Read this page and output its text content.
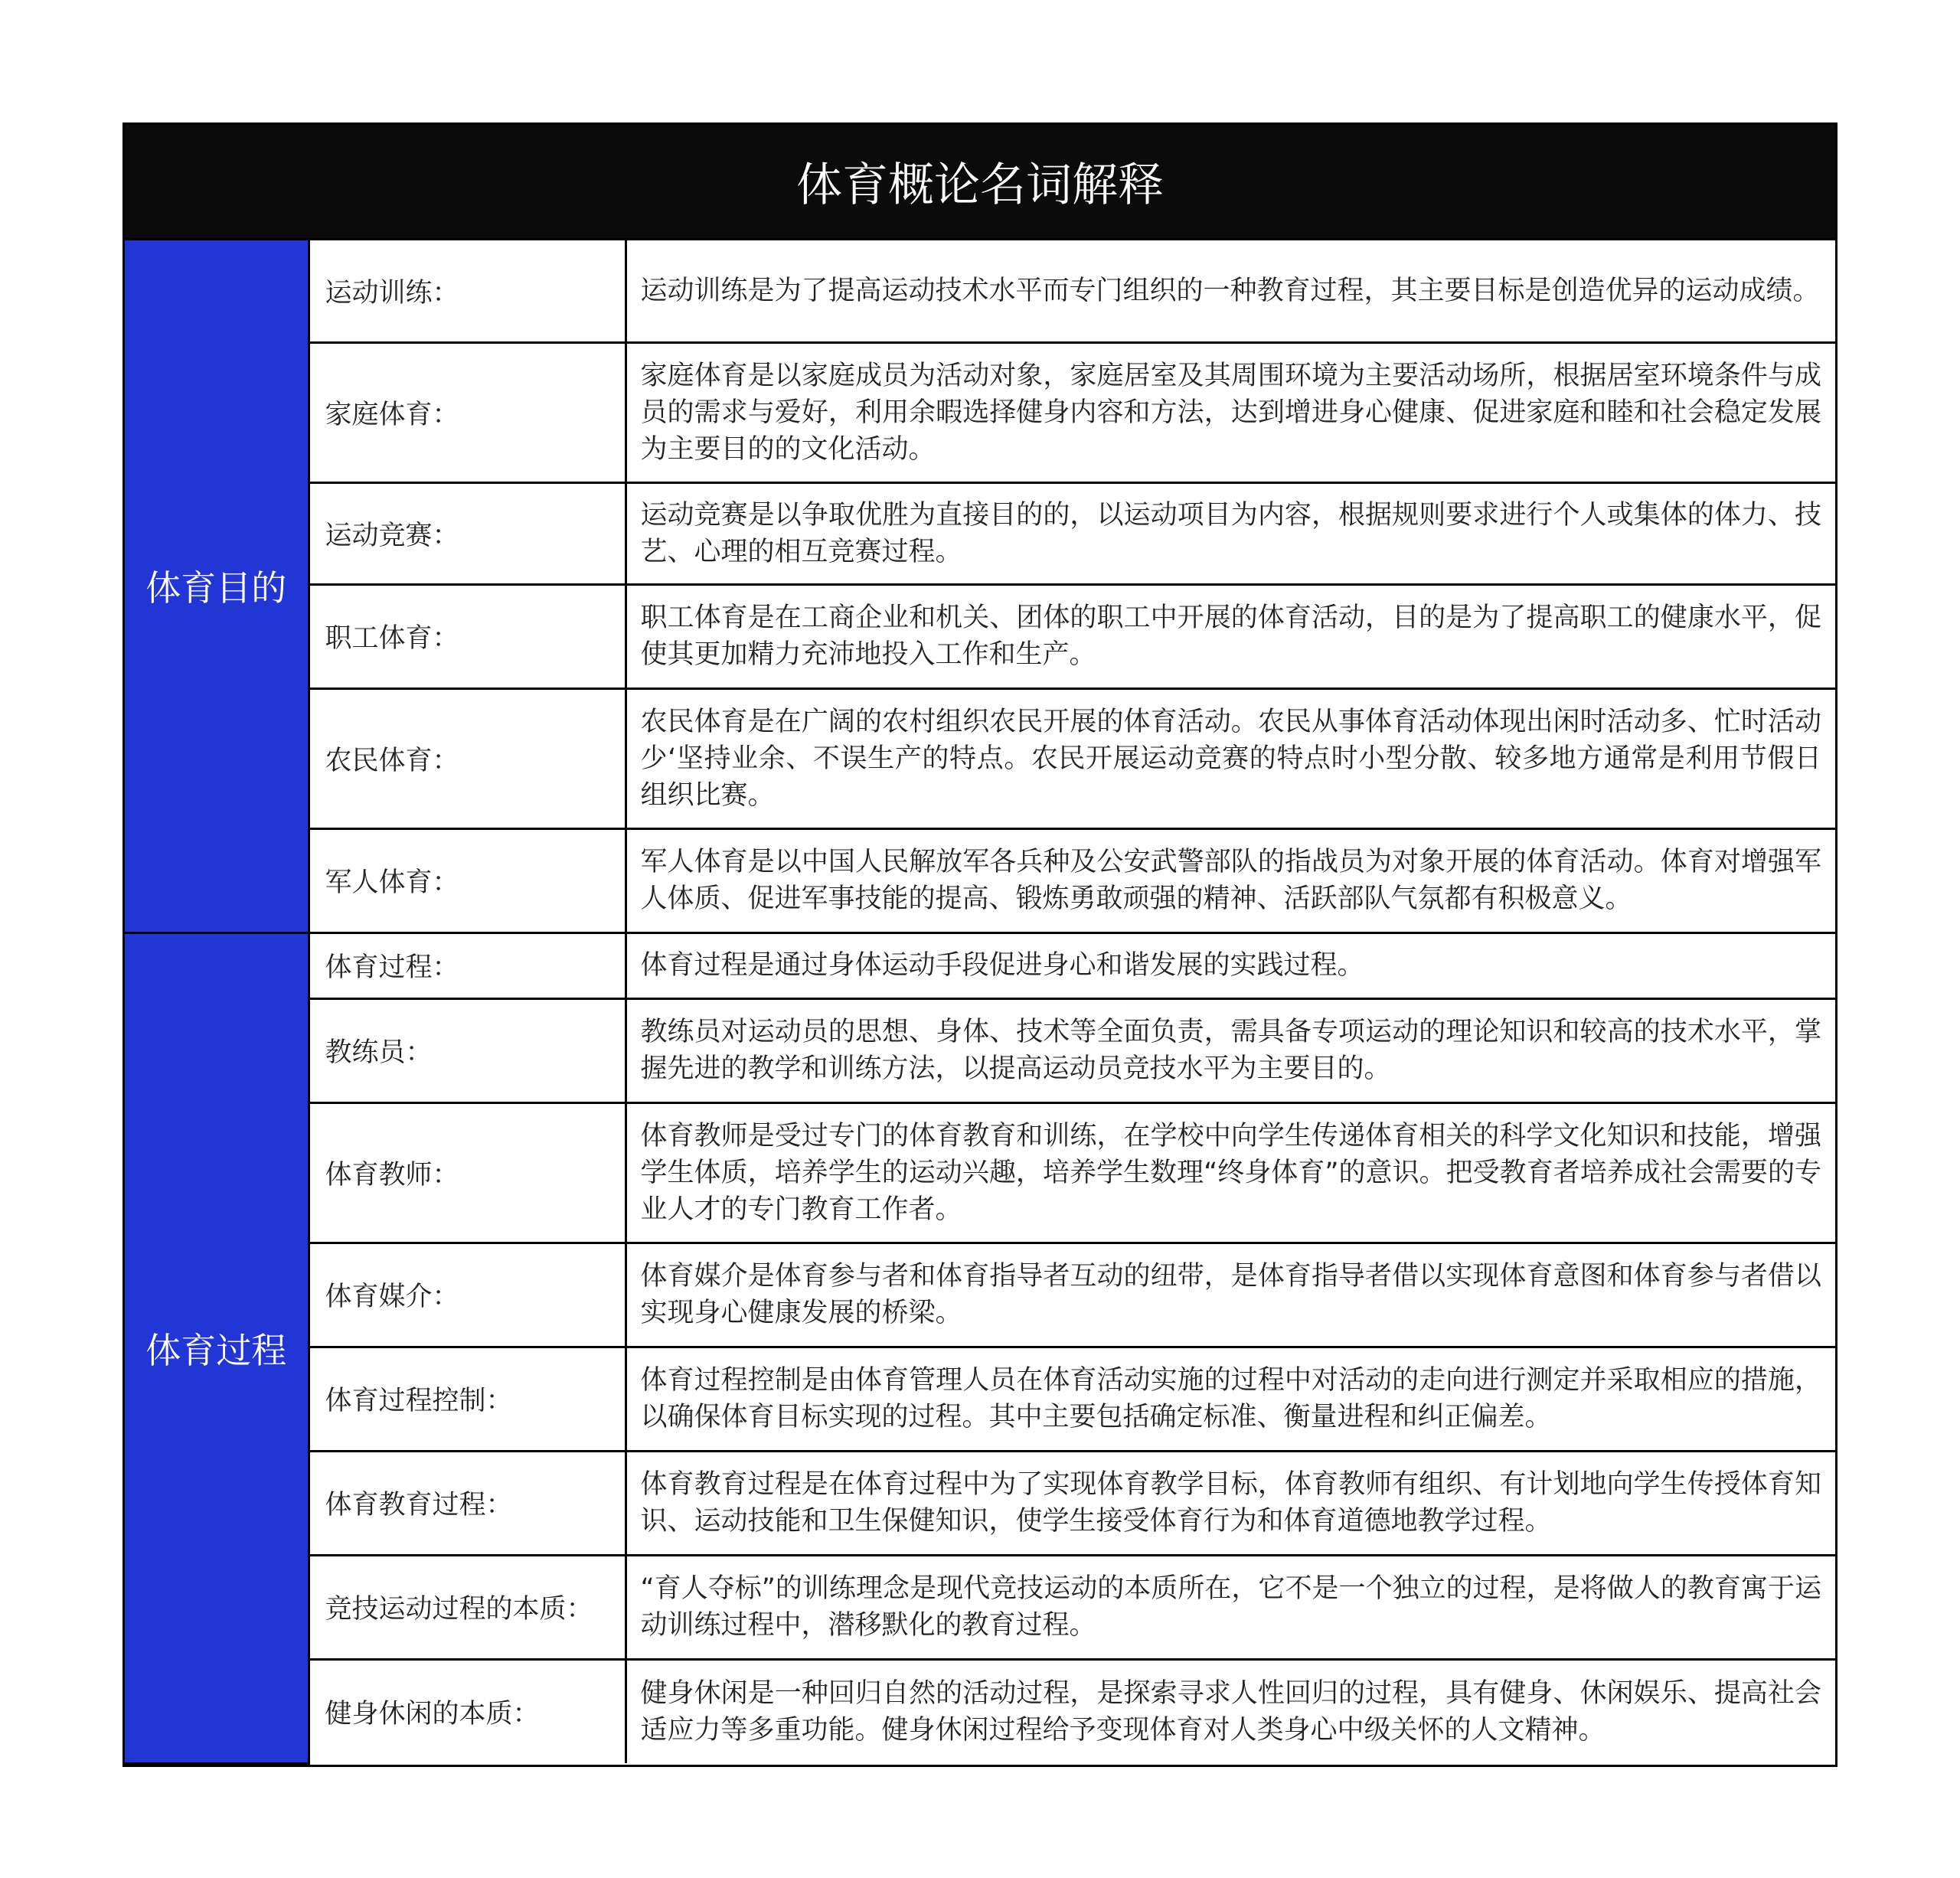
体育概论名词解释
体育目的	运动训练：	运动训练是为了提高运动技术水平而专门组织的一种教育过程，其主要目标是创造优异的运动成绩。
	家庭体育：	家庭体育是以家庭成员为活动对象，家庭居室及其周围环境为主要活动场所，根据居室环境条件与成员的需求与爱好，利用余暇选择健身内容和方法，达到增进身心健康、促进家庭和睦和社会稳定发展为主要目的的文化活动。
	运动竞赛：	运动竞赛是以争取优胜为直接目的的，以运动项目为内容，根据规则要求进行个人或集体的体力、技艺、心理的相互竞赛过程。
	职工体育：	职工体育是在工商企业和机关、团体的职工中开展的体育活动，目的是为了提高职工的健康水平，促使其更加精力充沛地投入工作和生产。
	农民体育：	农民体育是在广阔的农村组织农民开展的体育活动。农民从事体育活动体现出闲时活动多、忙时活动少‘坚持业余、不误生产的特点。农民开展运动竞赛的特点时小型分散、较多地方通常是利用节假日组织比赛。
	军人体育：	军人体育是以中国人民解放军各兵种及公安武警部队的指战员为对象开展的体育活动。体育对增强军人体质、促进军事技能的提高、锻炼勇敢顽强的精神、活跃部队气氛都有积极意义。
体育过程	体育过程：	体育过程是通过身体运动手段促进身心和谐发展的实践过程。
	教练员：	教练员对运动员的思想、身体、技术等全面负责，需具备专项运动的理论知识和较高的技术水平，掌握先进的教学和训练方法，以提高运动员竞技水平为主要目的。
	体育教师：	体育教师是受过专门的体育教育和训练，在学校中向学生传递体育相关的科学文化知识和技能，增强学生体质，培养学生的运动兴趣，培养学生数理“终身体育”的意识。把受教育者培养成社会需要的专业人才的专门教育工作者。
	体育媒介：	体育媒介是体育参与者和体育指导者互动的纽带，是体育指导者借以实现体育意图和体育参与者借以实现身心健康发展的桥梁。
	体育过程控制：	体育过程控制是由体育管理人员在体育活动实施的过程中对活动的走向进行测定并采取相应的措施，以确保体育目标实现的过程。其中主要包括确定标准、衡量进程和纠正偏差。
	体育教育过程：	体育教育过程是在体育过程中为了实现体育教学目标，体育教师有组织、有计划地向学生传授体育知识、运动技能和卫生保健知识，使学生接受体育行为和体育道德地教学过程。
	竞技运动过程的本质：	“育人夺标”的训练理念是现代竞技运动的本质所在，它不是一个独立的过程，是将做人的教育寓于运动训练过程中，潜移默化的教育过程。
	健身休闲的本质：	健身休闲是一种回归自然的活动过程，是探索寻求人性回归的过程，具有健身、休闲娱乐、提高社会适应力等多重功能。健身休闲过程给予变现体育对人类身心中级关怀的人文精神。
